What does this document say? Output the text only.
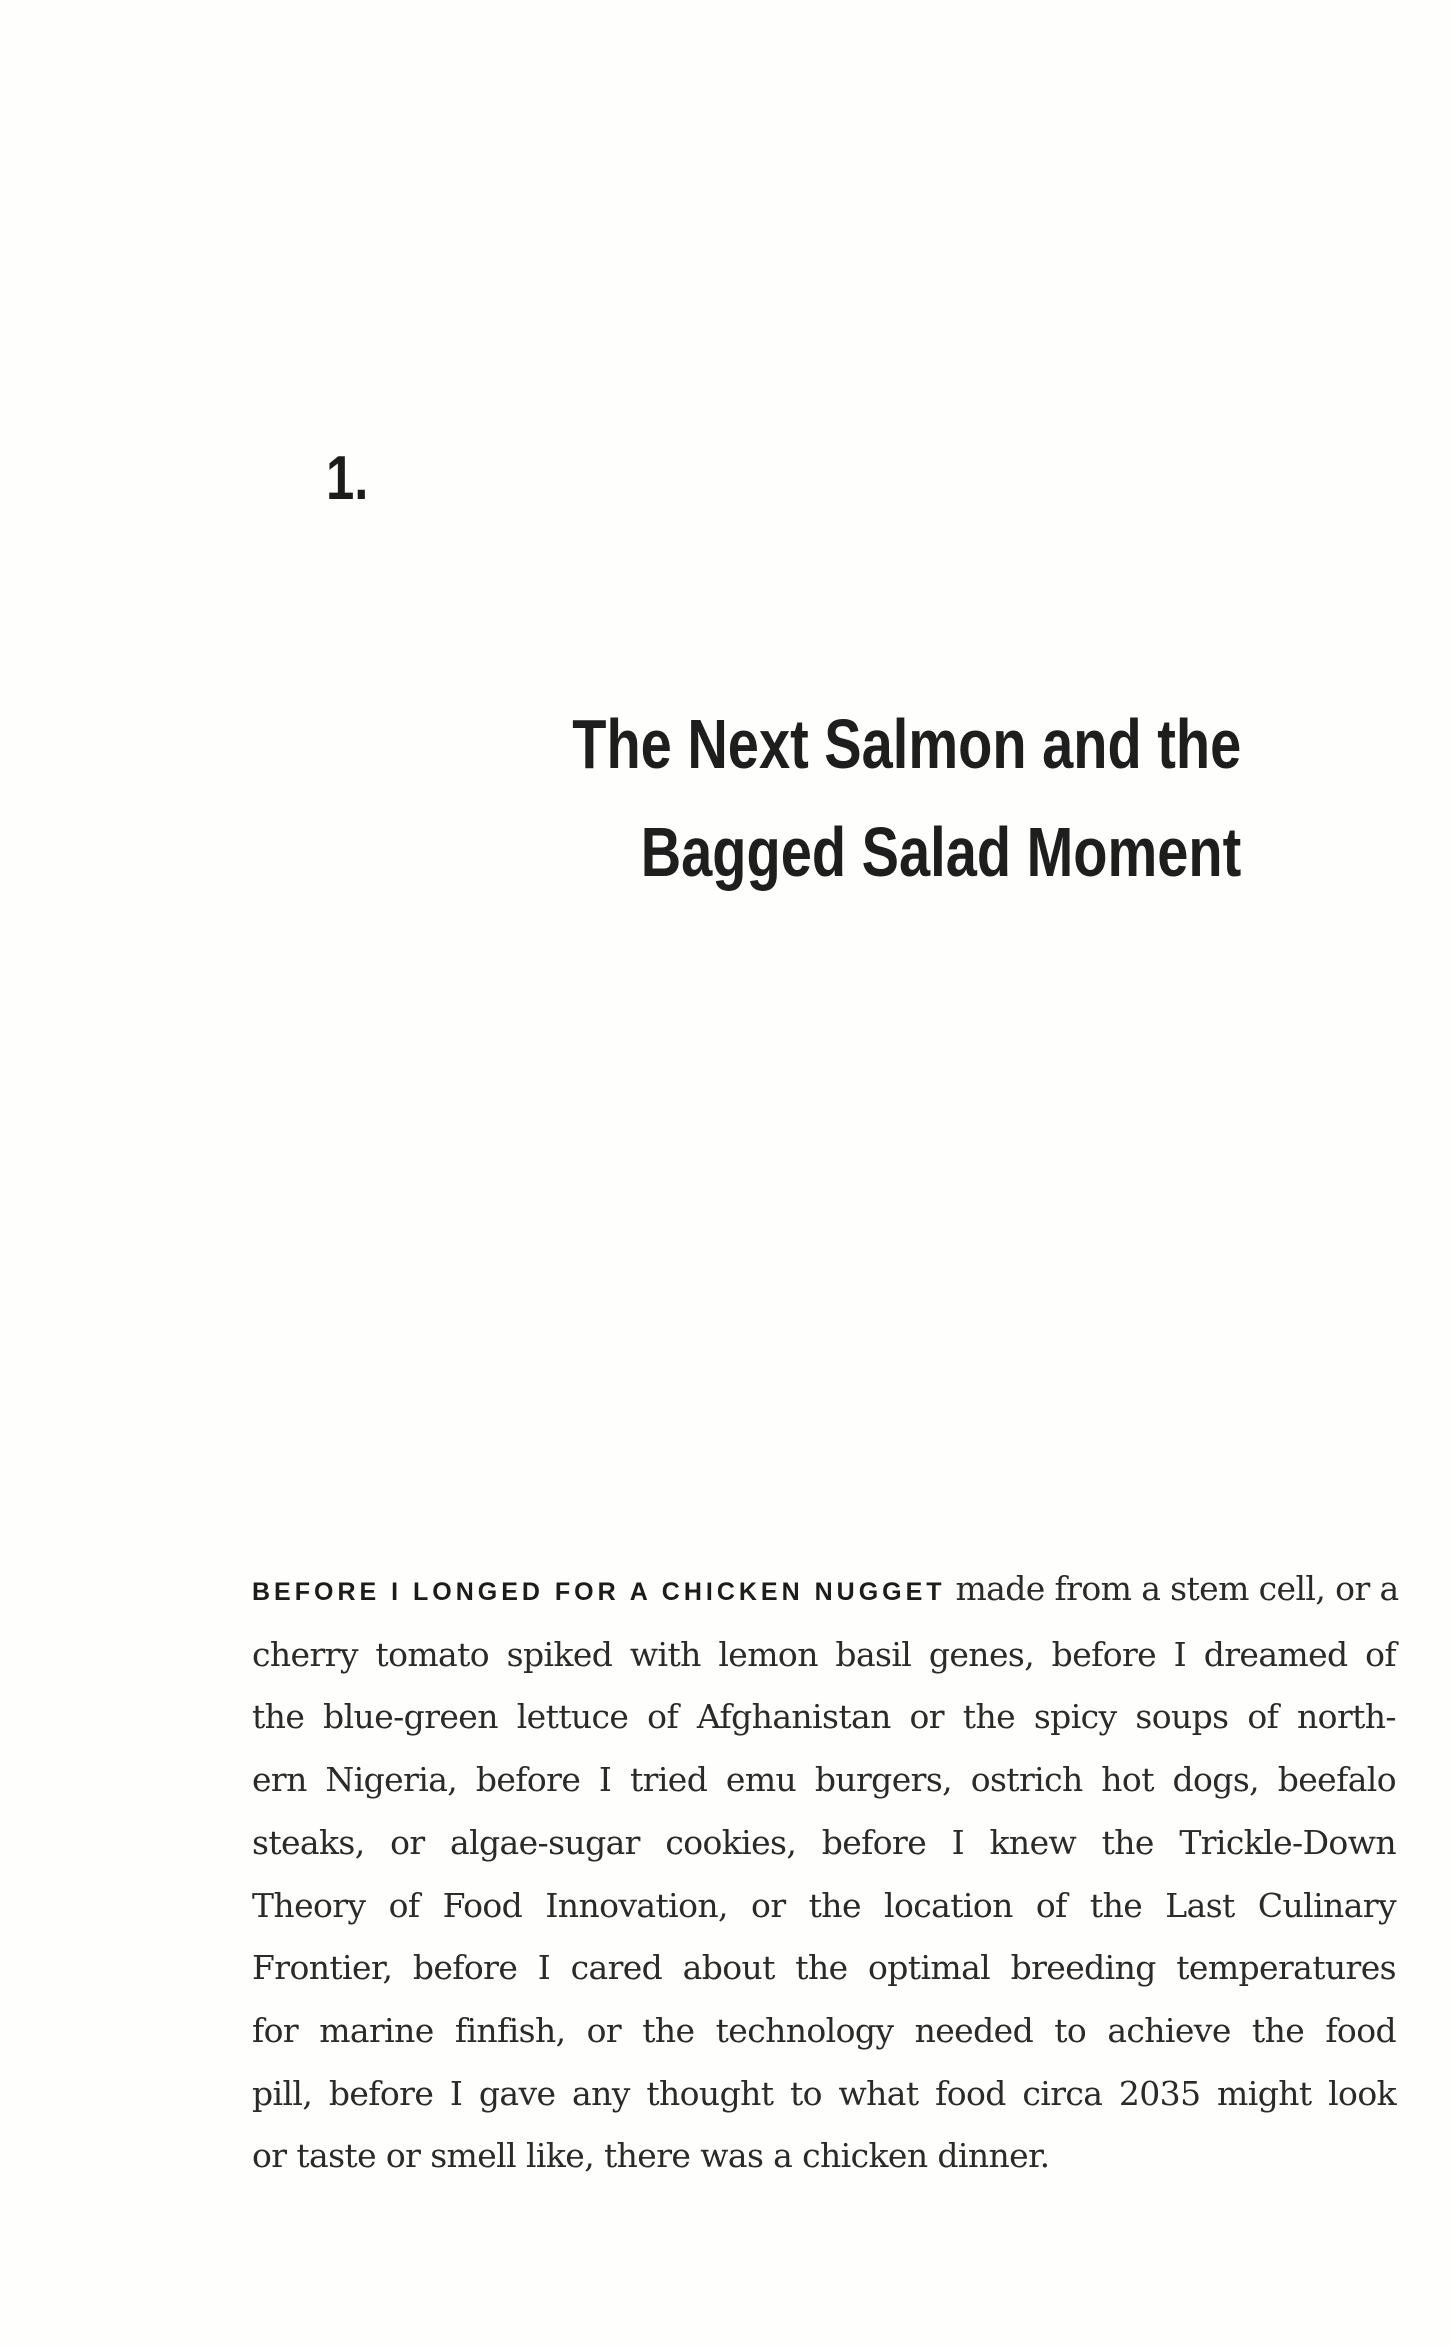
1.
The Next Salmon and the
Bagged Salad Moment
BEFORE I LONGED FOR A CHICKEN NUGGET made from a stem cell, or a
cherry tomato spiked with lemon basil genes, before I dreamed of
the blue-green lettuce of Afghanistan or the spicy soups of north-
ern Nigeria, before I tried emu burgers, ostrich hot dogs, beefalo
steaks, or algae-sugar cookies, before I knew the Trickle-Down
Theory of Food Innovation, or the location of the Last Culinary
Frontier, before I cared about the optimal breeding temperatures
for marine finfish, or the technology needed to achieve the food
pill, before I gave any thought to what food circa 2035 might look
or taste or smell like, there was a chicken dinner.
